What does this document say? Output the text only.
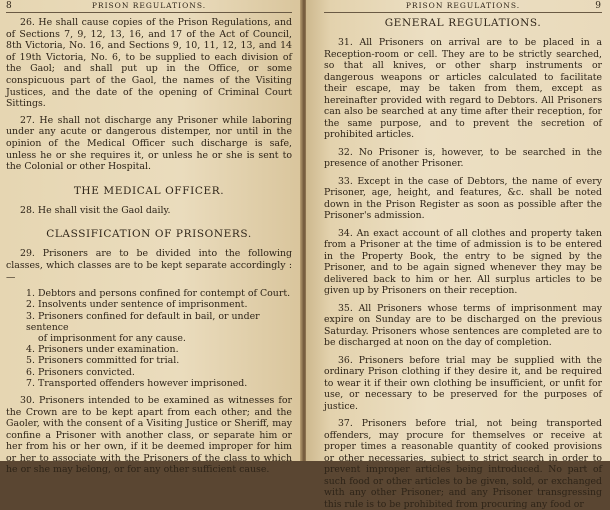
8	PRISON REGULATIONS.

26. He shall cause copies of the Prison Regulations, and of Sections 7, 9, 12, 13, 16, and 17 of the Act of Council, 8th Victoria, No. 16, and Sections 9, 10, 11, 12, 13, and 14 of 19th Victoria, No. 6, to be supplied to each division of the Gaol; and shall put up in the Office, or some conspicuous part of the Gaol, the names of the Visiting Justices, and the date of the opening of Criminal Court Sittings.

27. He shall not discharge any Prisoner while laboring under any acute or dangerous distemper, nor until in the opinion of the Medical Officer such discharge is safe, unless he or she requires it, or unless he or she is sent to the Colonial or other Hospital.

THE MEDICAL OFFICER.

28. He shall visit the Gaol daily.

CLASSIFICATION OF PRISONERS.

29. Prisoners are to be divided into the following classes, which classes are to be kept separate accordingly :—

1. Debtors and persons confined for contempt of Court.
2. Insolvents under sentence of imprisonment.
3. Prisoners confined for default in bail, or under sentence
of imprisonment for any cause.
4. Prisoners under examination.
5. Prisoners committed for trial.
6. Prisoners convicted.
7. Transported offenders however imprisoned.

30. Prisoners intended to be examined as witnesses for the Crown are to be kept apart from each other; and the Gaoler, with the consent of a Visiting Justice or Sheriff, may confine a Prisoner with another class, or separate him or her from his or her own, if it be deemed improper for him or her to associate with the Prisoners of the class to which he or she may belong, or for any other sufficient cause.

PRISON REGULATIONS.	9
GENERAL REGULATIONS.

31. All Prisoners on arrival are to be placed in a Reception-room or cell. They are to be strictly searched, so that all knives, or other sharp instruments or dangerous weapons or articles calculated to facilitate their escape, may be taken from them, except as hereinafter provided with regard to Debtors. All Prisoners can also be searched at any time after their reception, for the same purpose, and to prevent the secretion of prohibited articles.

32. No Prisoner is, however, to be searched in the presence of another Prisoner.

33. Except in the case of Debtors, the name of every Prisoner, age, height, and features, &c. shall be noted down in the Prison Register as soon as possible after the Prisoner's admission.

34. An exact account of all clothes and property taken from a Prisoner at the time of admission is to be entered in the Property Book, the entry to be signed by the Prisoner, and to be again signed whenever they may be delivered back to him or her. All surplus articles to be given up by Prisoners on their reception.

35. All Prisoners whose terms of imprisonment may expire on Sunday are to be discharged on the previous Saturday. Prisoners whose sentences are completed are to be discharged at noon on the day of completion.

36. Prisoners before trial may be supplied with the ordinary Prison clothing if they desire it, and be required to wear it if their own clothing be insufficient, or unfit for use, or necessary to be preserved for the purposes of justice.

37. Prisoners before trial, not being transported offenders, may procure for themselves or receive at proper times a reasonable quantity of cooked provisions or other necessaries, subject to strict search in order to prevent improper articles being introduced. No part of such food or other articles to be given, sold, or exchanged with any other Prisoner; and any Prisoner transgressing this rule is to be prohibited from procuring any food or
